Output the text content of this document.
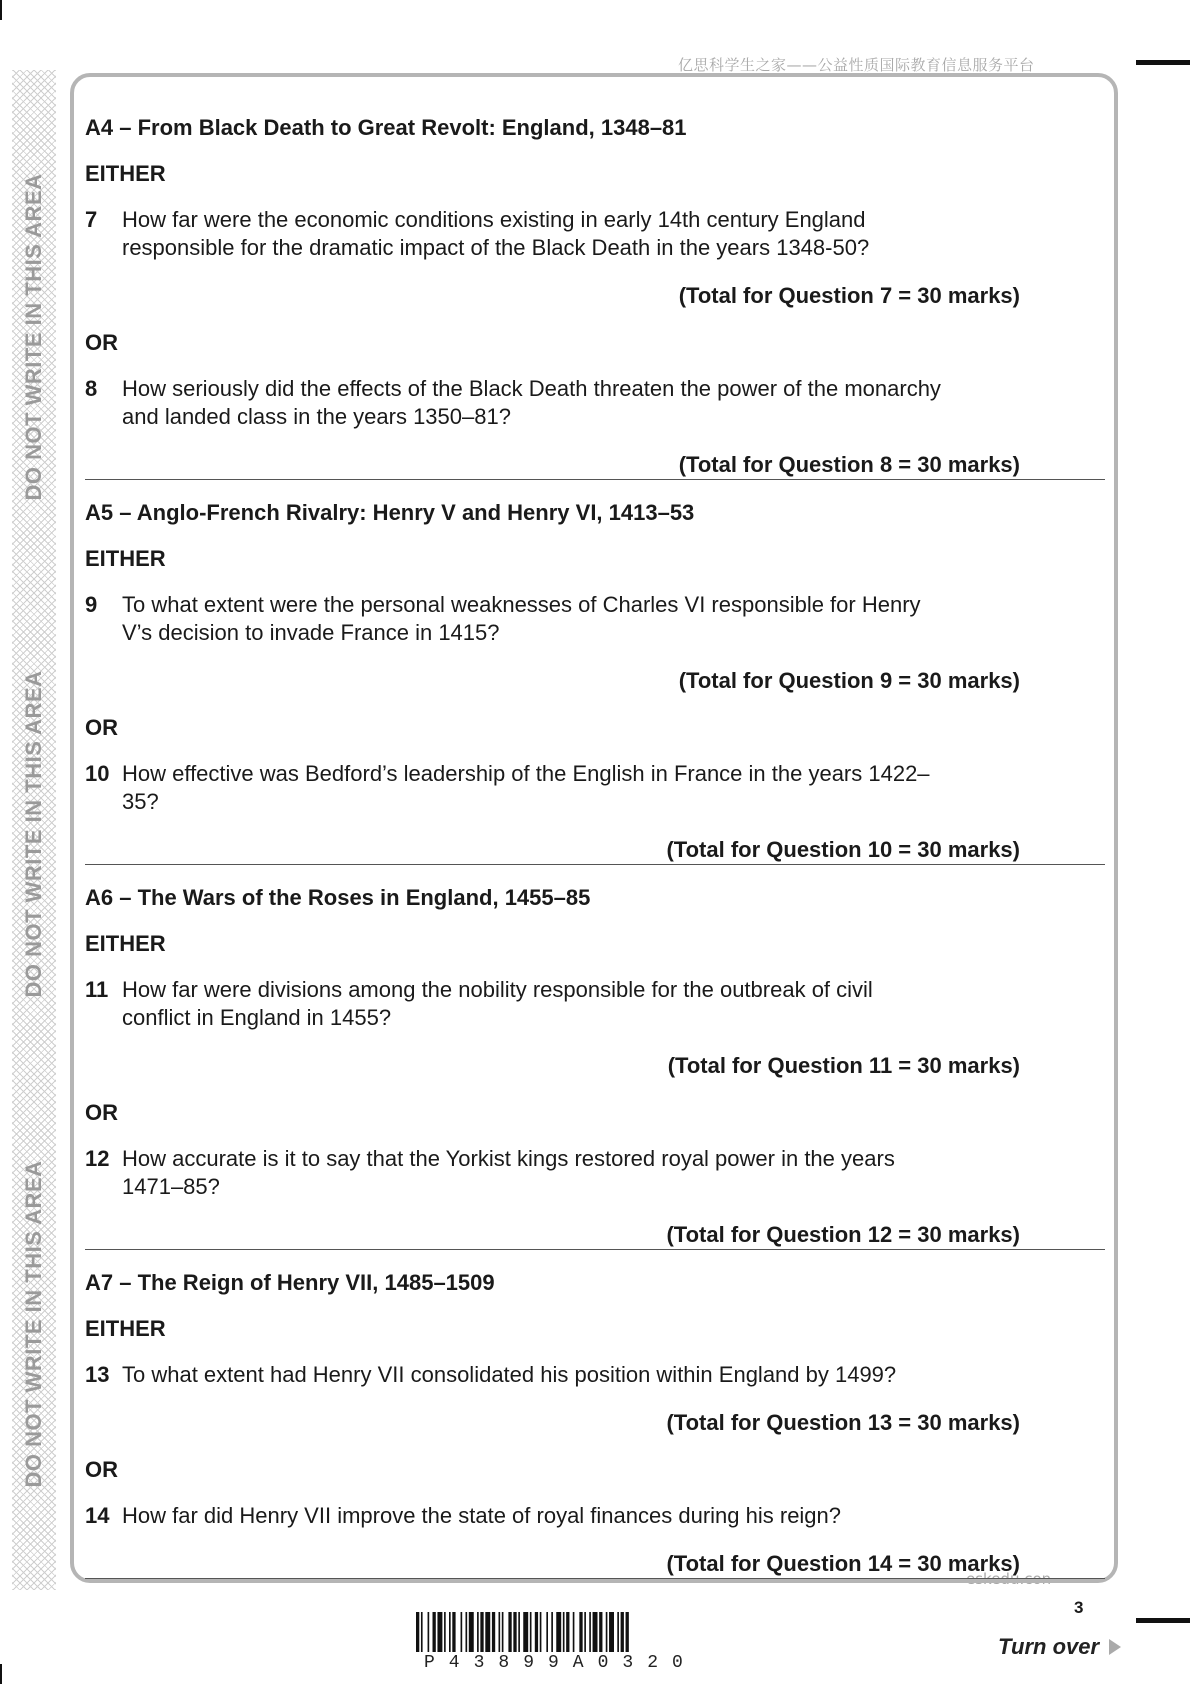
DO NOT WRITE IN THIS AREA
DO NOT WRITE IN THIS AREA
DO NOT WRITE IN THIS AREA
亿思科学生之家——公益性质国际教育信息服务平台
eskedu.con
A4 – From Black Death to Great Revolt: England, 1348–81
EITHER
7	How far were the economic conditions existing in early 14th century England responsible for the dramatic impact of the Black Death in the years 1348-50?
(Total for Question 7 = 30 marks)
OR
8	How seriously did the effects of the Black Death threaten the power of the monarchy and landed class in the years 1350–81?
(Total for Question 8 = 30 marks)
A5 – Anglo-French Rivalry: Henry V and Henry VI, 1413–53
EITHER
9	To what extent were the personal weaknesses of Charles VI responsible for Henry V’s decision to invade France in 1415?
(Total for Question 9 = 30 marks)
OR
10 How effective was Bedford’s leadership of the English in France in the years 1422–35?
(Total for Question 10 = 30 marks)
A6 – The Wars of the Roses in England, 1455–85
EITHER
11 How far were divisions among the nobility responsible for the outbreak of civil conflict in England in 1455?
(Total for Question 11 = 30 marks)
OR
12 How accurate is it to say that the Yorkist kings restored royal power in the years 1471–85?
(Total for Question 12 = 30 marks)
A7 – The Reign of Henry VII, 1485–1509
EITHER
13 To what extent had Henry VII consolidated his position within England by 1499?
(Total for Question 13 = 30 marks)
OR
14 How far did Henry VII improve the state of royal finances during his reign?
(Total for Question 14 = 30 marks)
3
P43899A0320
Turn over
